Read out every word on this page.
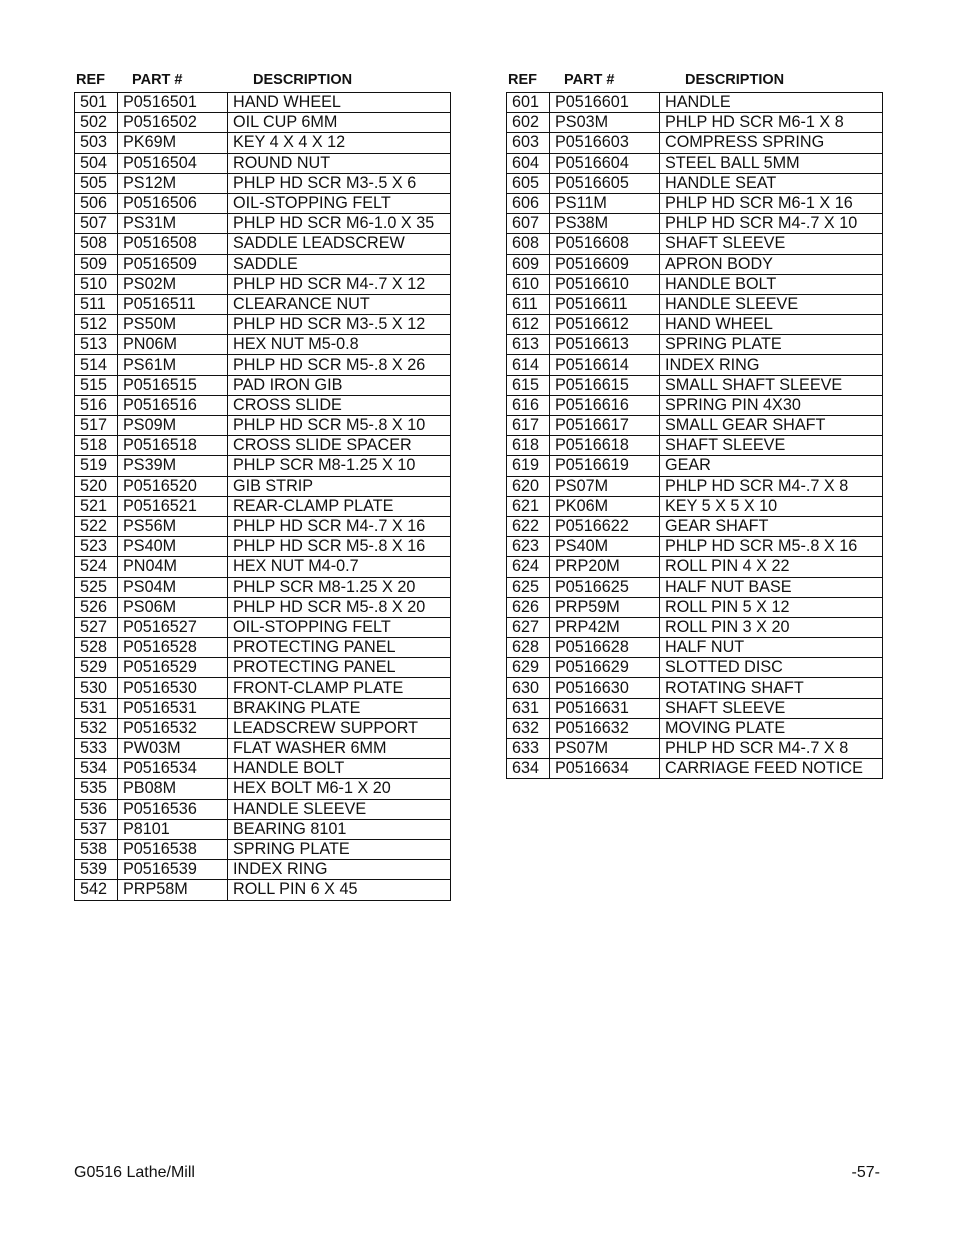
REF PART #	DESCRIPTION
501	P0516501	HAND WHEEL
502	P0516502	OIL CUP 6MM
503	PK69M	KEY 4 X 4 X 12
504	P0516504	ROUND NUT
505	PS12M	PHLP HD SCR M3-.5 X 6
506	P0516506	OIL-STOPPING FELT
507	PS31M	PHLP HD SCR M6-1.0 X 35
508	P0516508	SADDLE LEADSCREW
509	P0516509	SADDLE
510	PS02M	PHLP HD SCR M4-.7 X 12
511	P0516511	CLEARANCE NUT
512	PS50M	PHLP HD SCR M3-.5 X 12
513	PN06M	HEX NUT M5-0.8
514	PS61M	PHLP HD SCR M5-.8 X 26
515	P0516515	PAD IRON GIB
516	P0516516	CROSS SLIDE
517	PS09M	PHLP HD SCR M5-.8 X 10
518	P0516518	CROSS SLIDE SPACER
519	PS39M	PHLP SCR M8-1.25 X 10
520	P0516520	GIB STRIP
521	P0516521	REAR-CLAMP PLATE
522	PS56M	PHLP HD SCR M4-.7 X 16
523	PS40M	PHLP HD SCR M5-.8 X 16
524	PN04M	HEX NUT M4-0.7
525	PS04M	PHLP SCR M8-1.25 X 20
526	PS06M	PHLP HD SCR M5-.8 X 20
527	P0516527	OIL-STOPPING FELT
528	P0516528	PROTECTING PANEL
529	P0516529	PROTECTING PANEL
530	P0516530	FRONT-CLAMP PLATE
531	P0516531	BRAKING PLATE
532	P0516532	LEADSCREW SUPPORT
533	PW03M	FLAT WASHER 6MM
534	P0516534	HANDLE BOLT
535	PB08M	HEX BOLT M6-1 X 20
536	P0516536	HANDLE SLEEVE
537	P8101	BEARING 8101
538	P0516538	SPRING PLATE
539	P0516539	INDEX RING
542	PRP58M	ROLL PIN 6 X 45
REF PART #	DESCRIPTION
601	P0516601	HANDLE
602	PS03M	PHLP HD SCR M6-1 X 8
603	P0516603	COMPRESS SPRING
604	P0516604	STEEL BALL 5MM
605	P0516605	HANDLE SEAT
606	PS11M	PHLP HD SCR M6-1 X 16
607	PS38M	PHLP HD SCR M4-.7 X 10
608	P0516608	SHAFT SLEEVE
609	P0516609	APRON BODY
610	P0516610	HANDLE BOLT
611	P0516611	HANDLE SLEEVE
612	P0516612	HAND WHEEL
613	P0516613	SPRING PLATE
614	P0516614	INDEX RING
615	P0516615	SMALL SHAFT SLEEVE
616	P0516616	SPRING PIN 4X30
617	P0516617	SMALL GEAR SHAFT
618	P0516618	SHAFT SLEEVE
619	P0516619	GEAR
620	PS07M	PHLP HD SCR M4-.7 X 8
621	PK06M	KEY 5 X 5 X 10
622	P0516622	GEAR SHAFT
623	PS40M	PHLP HD SCR M5-.8 X 16
624	PRP20M	ROLL PIN 4 X 22
625	P0516625	HALF NUT BASE
626	PRP59M	ROLL PIN 5 X 12
627	PRP42M	ROLL PIN 3 X 20
628	P0516628	HALF NUT
629	P0516629	SLOTTED DISC
630	P0516630	ROTATING SHAFT
631	P0516631	SHAFT SLEEVE
632	P0516632	MOVING PLATE
633	PS07M	PHLP HD SCR M4-.7 X 8
634	P0516634	CARRIAGE FEED NOTICE
G0516 Lathe/Mill	-57-
